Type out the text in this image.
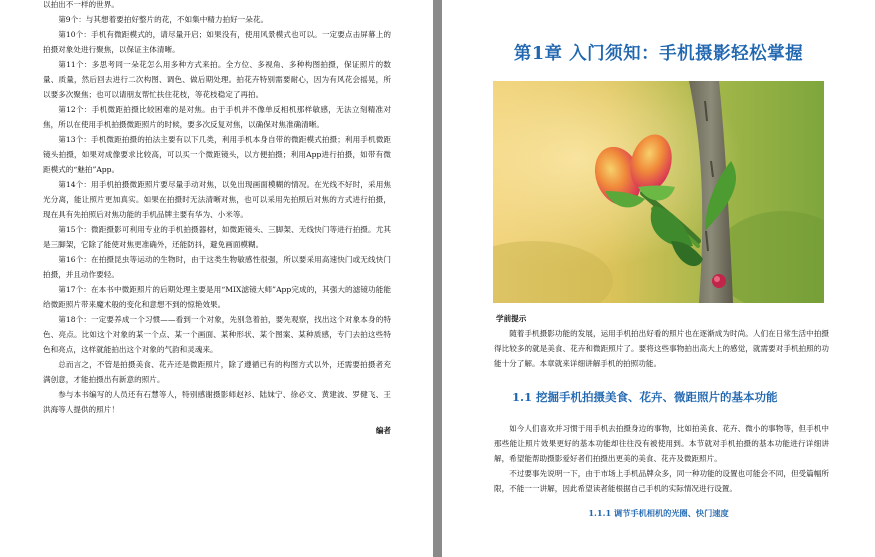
以拍出不一样的世界。

第9个：与其想着要拍好整片的花，不如集中精力拍好一朵花。

第10个：手机有微距模式的，请尽量开启；如果没有，使用风景模式也可以。一定要点击屏幕上的拍摄对象处进行聚焦，以保证主体清晰。

第11个：多思考同一朵花怎么用多种方式来拍。全方位、多视角、多种构图拍摄，保证照片的数量、质量，然后回去进行二次构图、调色、做后期处理。拍花卉特别需要耐心，因为有风花会摇晃，所以要多次聚焦；也可以请朋友帮忙扶住花枝，等花枝稳定了再拍。

第12个：手机微距拍摄比较困难的是对焦。由于手机并不像单反相机那样敏感，无法立刻精准对焦，所以在使用手机拍摄微距照片的时候，要多次反复对焦，以确保对焦准确清晰。

第13个：手机微距拍摄的拍法主要有以下几类，利用手机本身自带的微距模式拍摄；利用手机微距镜头拍摄，如果对成像要求比较高，可以买一个微距镜头，以方便拍摄；利用App进行拍摄，如带有微距模式的“魅拍”App。

第14个：用手机拍摄微距照片要尽量手动对焦，以免出现画面模糊的情况。在光线不好时，采用焦光分离，能让照片更加真实。如果在拍摄时无法清晰对焦，也可以采用先拍照后对焦的方式进行拍摄，现在具有先拍照后对焦功能的手机品牌主要有华为、小米等。

第15个：微距摄影可利用专业的手机拍摄器材，如微距镜头、三脚架、无线快门等进行拍摄。尤其是三脚架，它除了能使对焦更准确外，还能防抖，避免画面模糊。

第16个：在拍摄昆虫等运动的生物时，由于这类生物敏感性很强，所以要采用高速快门或无线快门拍摄，并且动作要轻。

第17个：在本书中微距照片的后期处理主要是用“MIX滤镜大师”App完成的，其强大的滤镜功能能给微距照片带来魔术般的变化和意想不到的惊艳效果。

第18个：一定要养成一个习惯——看到一个对象，先别急着拍，要先观察，找出这个对象本身的特色、亮点。比如这个对象的某一个点、某一个画面、某种形状、某个图案、某种质感，专门去拍这些特色和亮点，这样就能拍出这个对象的气韵和灵魂来。

总而言之，不管是拍摄美食、花卉还是微距照片，除了遵循已有的构图方式以外，还需要拍摄者充满创意，才能拍摄出有新意的照片。

参与本书编写的人员还有石慧等人，特别感谢摄影师赵衫、陆妹宁、徐必文、黄建波、罗健飞、王洪海等人提供的照片！

编者

第1章 入门须知：手机摄影轻松掌握

学前提示

随着手机摄影功能的发展，运用手机拍出好看的照片也在逐渐成为时尚。人们在日常生活中拍摄得比较多的就是美食、花卉和微距照片了。要将这些事物拍出高大上的感觉，就需要对手机拍照的功能十分了解。本章就来详细讲解手机的拍照功能。

1.1 挖掘手机拍摄美食、花卉、微距照片的基本功能

如今人们喜欢并习惯于用手机去拍摄身边的事物，比如拍美食、花卉、微小的事物等，但手机中那些能让照片效果更好的基本功能却往往没有被使用到。本节就对手机拍摄的基本功能进行详细讲解，希望能帮助摄影爱好者们拍摄出更美的美食、花卉及微距照片。

不过要事先说明一下，由于市场上手机品牌众多，同一种功能的设置也可能会不同，但受篇幅所限，不能一一讲解，因此希望读者能根据自己手机的实际情况进行设置。

1.1.1 调节手机相机的光圈、快门速度
